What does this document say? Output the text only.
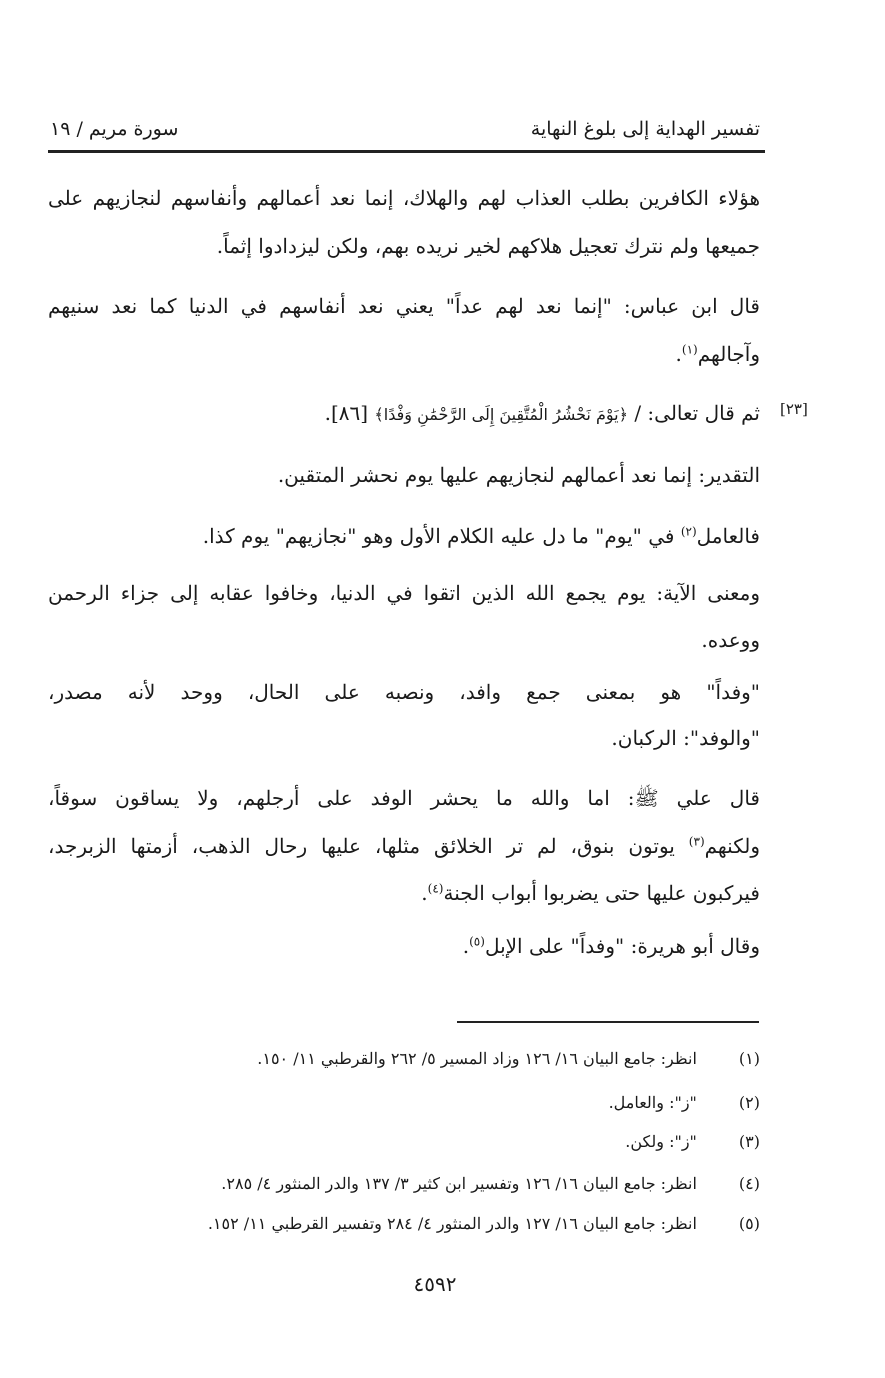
تفسير الهداية إلى بلوغ النهاية
سورة مريم / ١٩
[٢٣]
هؤلاء الكافرين بطلب العذاب لهم والهلاك، إنما نعد أعمالهم وأنفاسهم لنجازيهم على
جميعها ولم نترك تعجيل هلاكهم لخير نريده بهم، ولكن ليزدادوا إثماً.
قال ابن عباس: "إنما نعد لهم عداً" يعني نعد أنفاسهم في الدنيا كما نعد سنيهم
وآجالهم$^{(١)}$.
ثم قال تعالى: / ﴿يَوْمَ نَحْشُرُ الْمُتَّقِينَ إِلَى الرَّحْمَٰنِ وَفْدًا﴾ [٨٦].
التقدير: إنما نعد أعمالهم لنجازيهم عليها يوم نحشر المتقين.
فالعامل$^{(٢)}$ في "يوم" ما دل عليه الكلام الأول وهو "نجازيهم" يوم كذا.
ومعنى الآية: يوم يجمع الله الذين اتقوا في الدنيا، وخافوا عقابه إلى جزاء الرحمن
ووعده.
"وفداً" هو بمعنى جمع وافد، ونصبه على الحال، ووحد لأنه مصدر،
"والوفد": الركبان.
قال علي ﷺ: اما والله ما يحشر الوفد على أرجلهم، ولا يساقون سوقاً،
ولكنهم$^{(٣)}$ يوتون بنوق، لم تر الخلائق مثلها، عليها رحال الذهب، أزمتها الزبرجد،
فيركبون عليها حتى يضربوا أبواب الجنة$^{(٤)}$.
وقال أبو هريرة: "وفداً" على الإبل$^{(٥)}$.
(١) انظر: جامع البيان ١٦/ ١٢٦ وزاد المسير ٥/ ٢٦٢ والقرطبي ١١/ ١٥٠.
(٢) "ز": والعامل.
(٣) "ز": ولكن.
(٤) انظر: جامع البيان ١٦/ ١٢٦ وتفسير ابن كثير ٣/ ١٣٧ والدر المنثور ٤/ ٢٨٥.
(٥) انظر: جامع البيان ١٦/ ١٢٧ والدر المنثور ٤/ ٢٨٤ وتفسير القرطبي ١١/ ١٥٢.
٤٥٩٢
